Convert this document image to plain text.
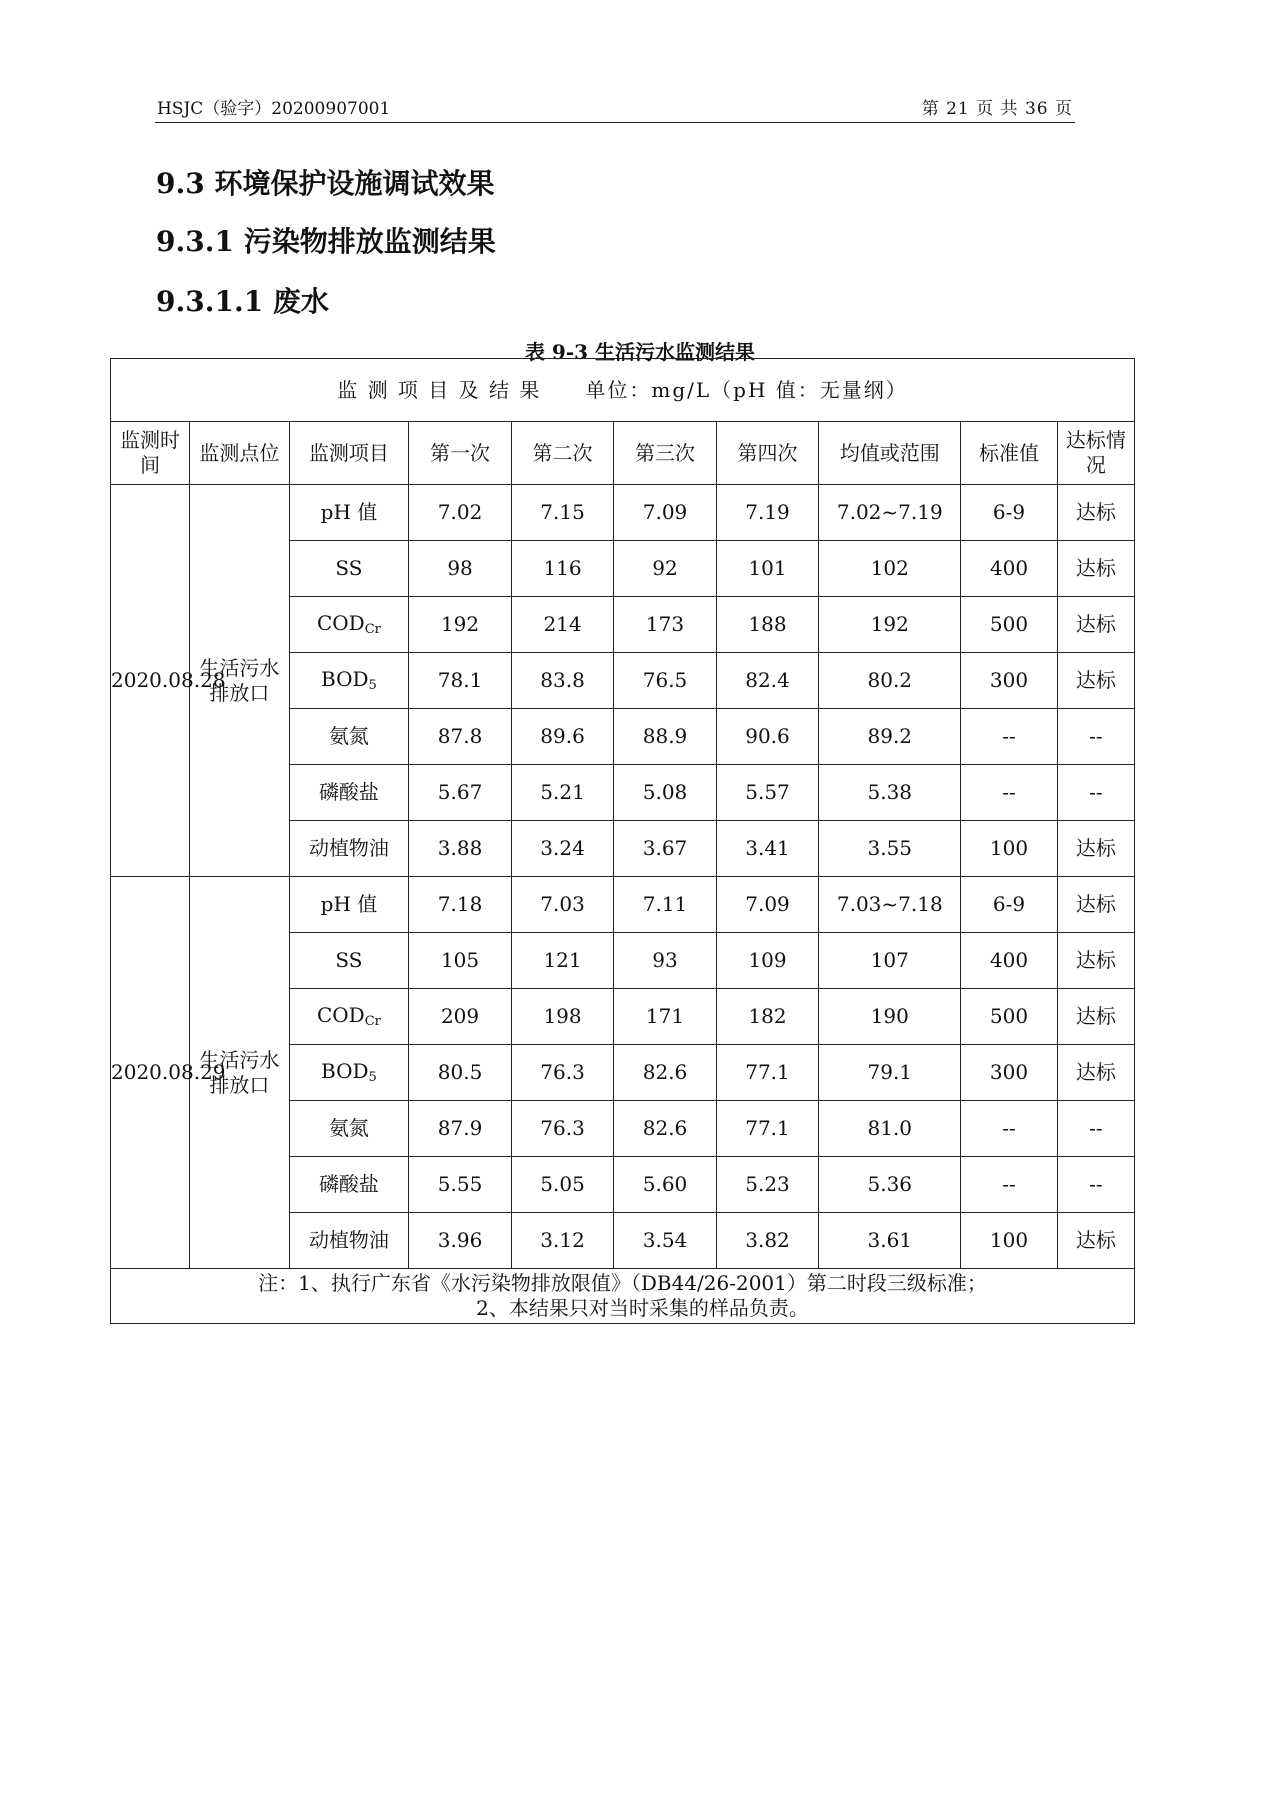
HSJC（验字）20200907001	第 21 页 共 36 页
9.3 环境保护设施调试效果
9.3.1 污染物排放监测结果
9.3.1.1 废水
表 9-3 生活污水监测结果
监 测 项 目 及 结 果　　单位：mg/L（pH 值：无量纲）									
监测时间	监测点位	监测项目	第一次	第二次	第三次	第四次	均值或范围	标准值	达标情况
2020.08.28	生活污水排放口	pH 值	7.02	7.15	7.09	7.19	7.02~7.19	6-9	达标
		SS	98	116	92	101	102	400	达标
		$COD_{Cr}$	192	214	173	188	192	500	达标
		$BOD_5$	78.1	83.8	76.5	82.4	80.2	300	达标
		氨氮	87.8	89.6	88.9	90.6	89.2	--	--
		磷酸盐	5.67	5.21	5.08	5.57	5.38	--	--
		动植物油	3.88	3.24	3.67	3.41	3.55	100	达标
2020.08.29	生活污水排放口	pH 值	7.18	7.03	7.11	7.09	7.03~7.18	6-9	达标
		SS	105	121	93	109	107	400	达标
		$COD_{Cr}$	209	198	171	182	190	500	达标
		$BOD_5$	80.5	76.3	82.6	77.1	79.1	300	达标
		氨氮	87.9	76.3	82.6	77.1	81.0	--	--
		磷酸盐	5.55	5.05	5.60	5.23	5.36	--	--
		动植物油	3.96	3.12	3.54	3.82	3.61	100	达标

注：1、执行广东省《水污染物排放限值》（DB44/26-2001）第二时段三级标准；
　　2、本结果只对当时采集的样品负责。									
